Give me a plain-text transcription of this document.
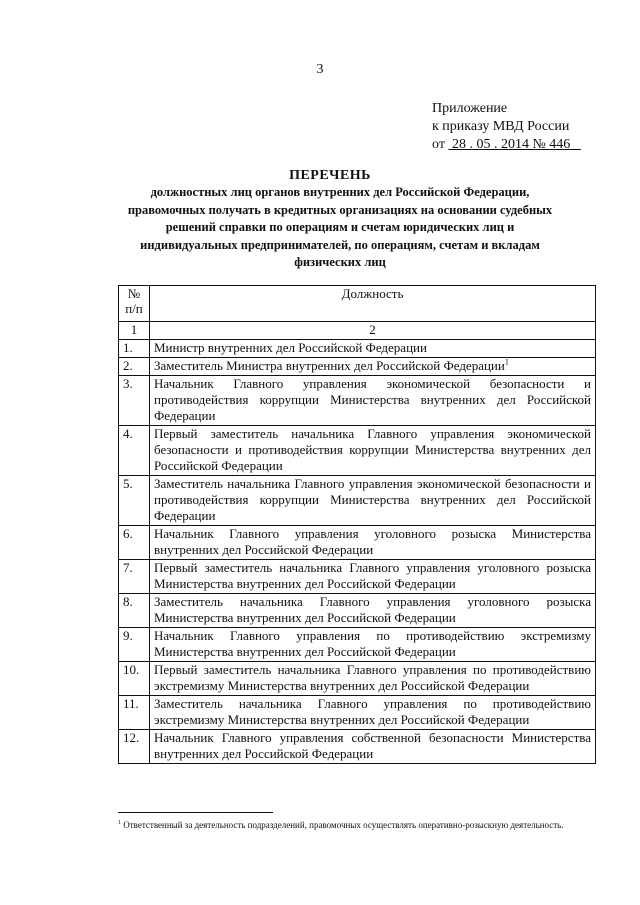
3
Приложение
к приказу МВД России
от 28 . 05 . 2014 № 446
ПЕРЕЧЕНЬ
должностных лиц органов внутренних дел Российской Федерации, правомочных получать в кредитных организациях на основании судебных решений справки по операциям и счетам юридических лиц и индивидуальных предпринимателей, по операциям, счетам и вкладам физических лиц
№ п/п	Должность
1	2
1.	Министр внутренних дел Российской Федерации
2.	Заместитель Министра внутренних дел Российской Федерации$^1$
3.	Начальник Главного управления экономической безопасности и противодействия коррупции Министерства внутренних дел Российской Федерации
4.	Первый заместитель начальника Главного управления экономической безопасности и противодействия коррупции Министерства внутренних дел Российской Федерации
5.	Заместитель начальника Главного управления экономической безопасности и противодействия коррупции Министерства внутренних дел Российской Федерации
6.	Начальник Главного управления уголовного розыска Министерства внутренних дел Российской Федерации
7.	Первый заместитель начальника Главного управления уголовного розыска Министерства внутренних дел Российской Федерации
8.	Заместитель начальника Главного управления уголовного розыска Министерства внутренних дел Российской Федерации
9.	Начальник Главного управления по противодействию экстремизму Министерства внутренних дел Российской Федерации
10.	Первый заместитель начальника Главного управления по противодействию экстремизму Министерства внутренних дел Российской Федерации
11.	Заместитель начальника Главного управления по противодействию экстремизму Министерства внутренних дел Российской Федерации
12.	Начальник Главного управления собственной безопасности Министерства внутренних дел Российской Федерации
$^1$ Ответственный за деятельность подразделений, правомочных осуществлять оперативно-розыскную деятельность.
